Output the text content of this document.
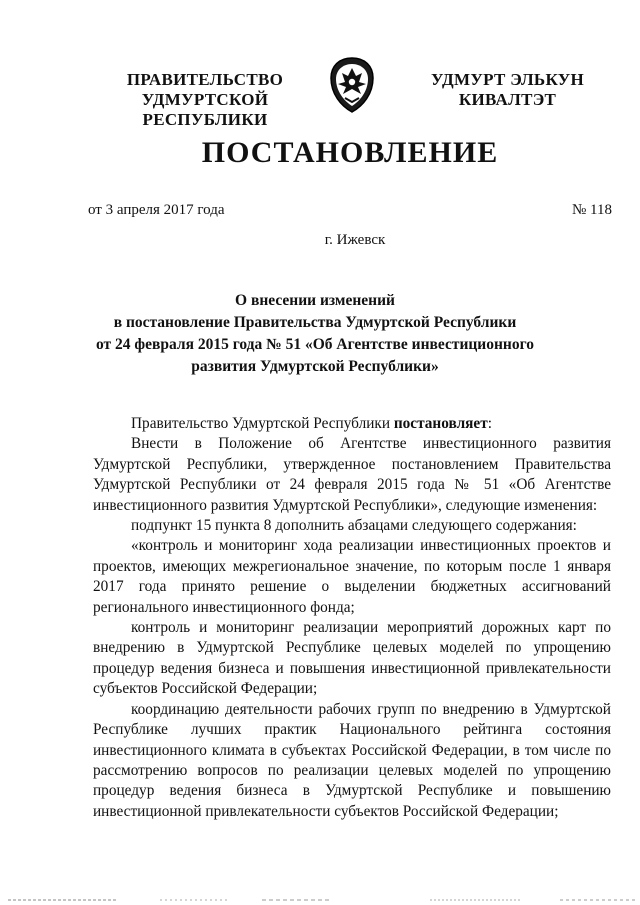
ПРАВИТЕЛЬСТВО
УДМУРТСКОЙ РЕСПУБЛИКИ
УДМУРТ ЭЛЬКУН
КИВАЛТЭТ
ПОСТАНОВЛЕНИЕ
от 3 апреля 2017 года	№ 118
г. Ижевск
О внесении изменений
в постановление Правительства Удмуртской Республики
от 24 февраля 2015 года № 51 «Об Агентстве инвестиционного
развития Удмуртской Республики»

Правительство Удмуртской Республики постановляет:

Внести в Положение об Агентстве инвестиционного развития Удмуртской Республики, утвержденное постановлением Правительства Удмуртской Республики от 24 февраля 2015 года № 51 «Об Агентстве инвестиционного развития Удмуртской Республики», следующие изменения:

подпункт 15 пункта 8 дополнить абзацами следующего содержания:

«контроль и мониторинг хода реализации инвестиционных проектов и проектов, имеющих межрегиональное значение, по которым после 1 января 2017 года принято решение о выделении бюджетных ассигнований регионального инвестиционного фонда;

контроль и мониторинг реализации мероприятий дорожных карт по внедрению в Удмуртской Республике целевых моделей по упрощению процедур ведения бизнеса и повышения инвестиционной привлекательности субъектов Российской Федерации;

координацию деятельности рабочих групп по внедрению в Удмуртской Республике лучших практик Национального рейтинга состояния инвестиционного климата в субъектах Российской Федерации, в том числе по рассмотрению вопросов по реализации целевых моделей по упрощению процедур ведения бизнеса в Удмуртской Республике и повышению инвестиционной привлекательности субъектов Российской Федерации;
